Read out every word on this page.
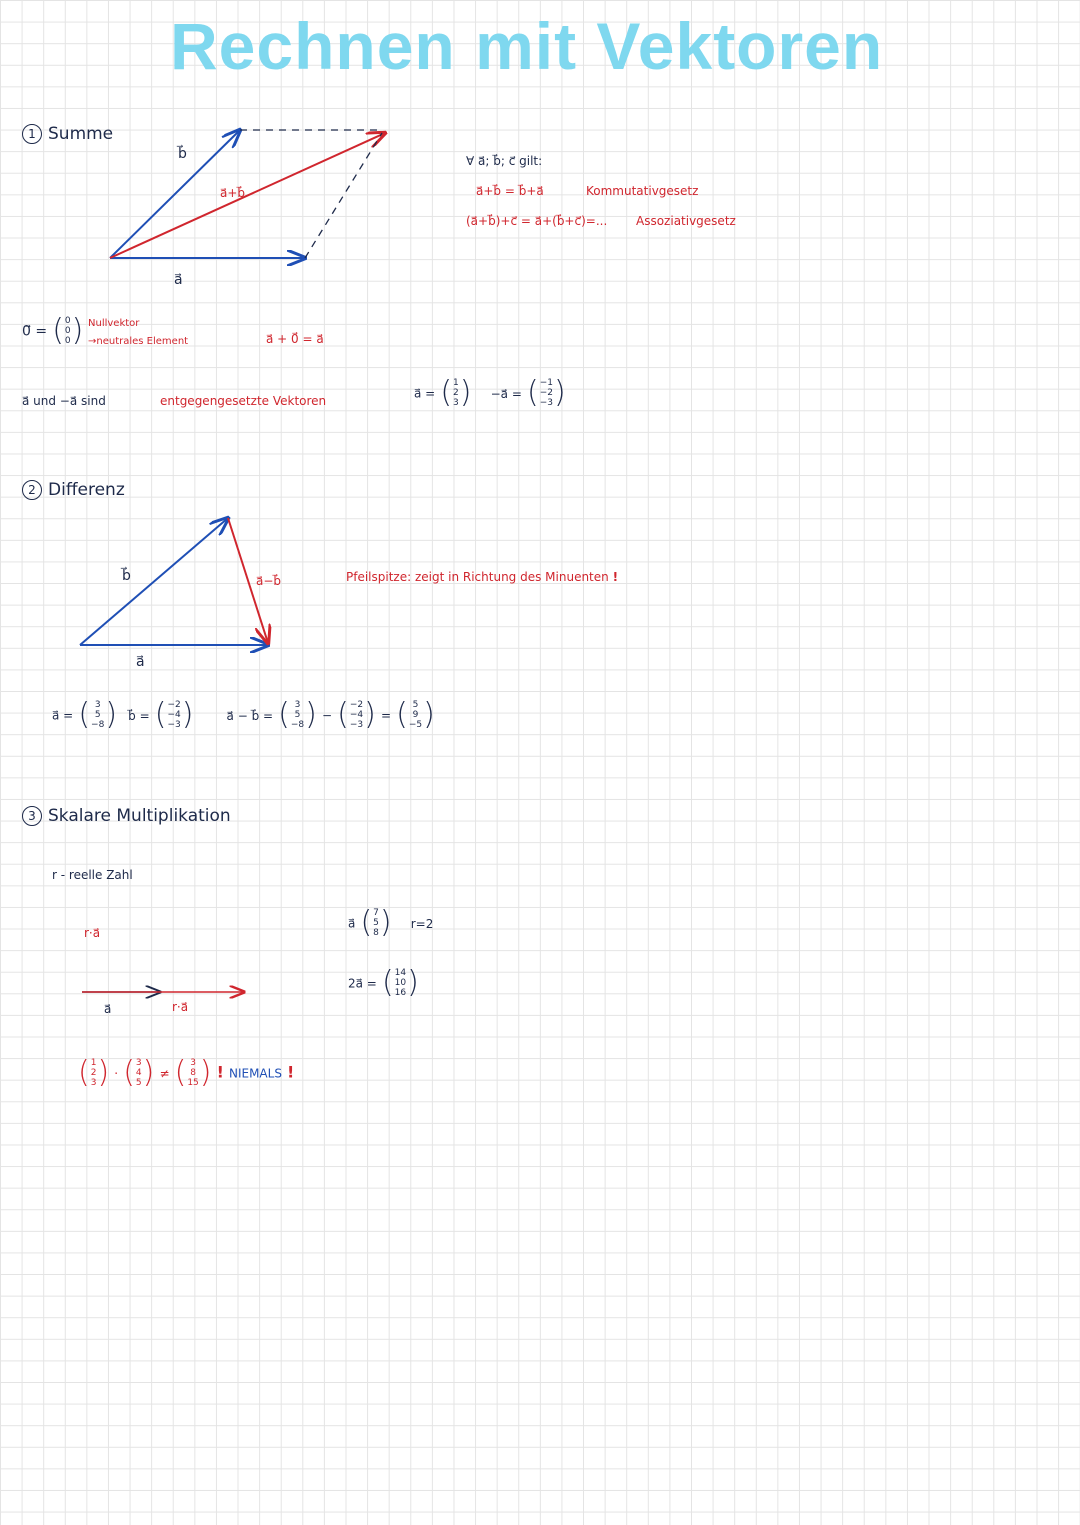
Rechnen mit Vektoren
1 Summe
b⃗
a⃗
a⃗+b⃗
∀ a⃗; b⃗; c⃗ gilt:
a⃗+b⃗ = b⃗+a⃗	Kommutativgesetz
(a⃗+b⃗)+c⃗ = a⃗+(b⃗+c⃗)=... Assoziativgesetz
0⃗ = ( 0
0
0 ) Nullvektor
→neutrales Element	a⃗ + 0⃗ = a⃗
a⃗ und −a⃗ sind	entgegengesetzte Vektoren
a⃗ = ( 1
2
3 ) −a⃗ = ( −1
−2
−3 )
2 Differenz
b⃗
a⃗
a⃗−b⃗	Pfeilspitze: zeigt in Richtung des Minuenten !
a⃗ = ( 3
5
−8 ) b⃗ = ( −2
−4
−3 )	a⃗ − b⃗ = ( 3
5
−8 ) − ( −2
−4
−3 ) = ( 5
9
−5 )
3 Skalare Multiplikation
r - reelle Zahl
r·a⃗
a⃗	r·a⃗
a⃗ ( 7
5
8 ) r=2
2a⃗ = ( 14
10
16 )
( 1
2
3 ) · ( 3
4
5 ) ≠ ( 3
8
15 ) ! NIEMALS !
